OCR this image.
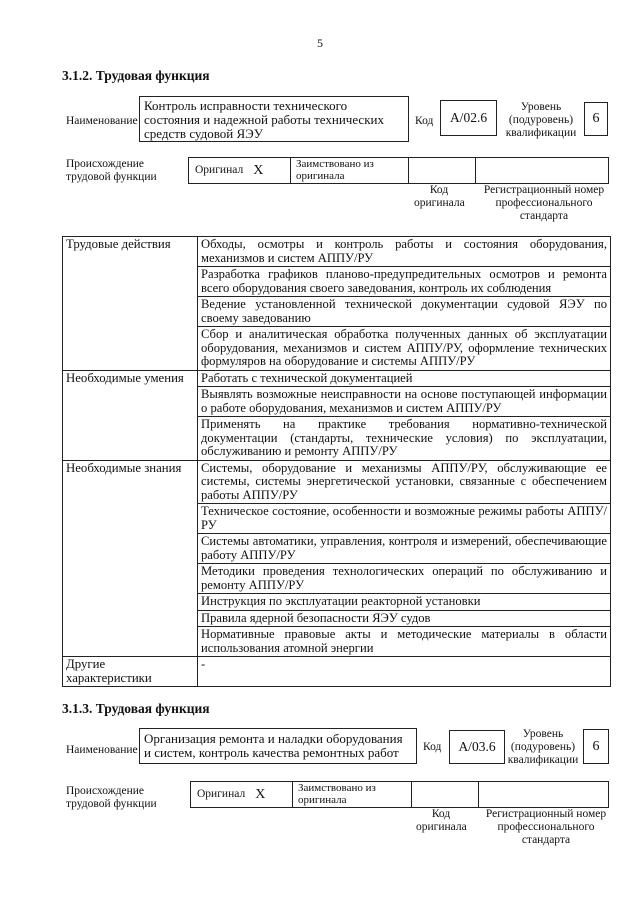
5
3.1.2. Трудовая функция
Наименование
Контроль исправности технического состояния и надежной работы технических средств судовой ЯЭУ
Код	А/02.6
Уровень (подуровень) квалификации
6
Происхождение трудовой функции
Оригинал X	Заимствовано из оригинала
Код оригинала
Регистрационный номер профессионального стандарта
Трудовые действия	Обходы, осмотры и контроль работы и состояния оборудования, механизмов и систем АППУ/РУ
	Разработка графиков планово-предупредительных осмотров и ремонта всего оборудования своего заведования, контроль их соблюдения
	Ведение установленной технической документации судовой ЯЭУ по своему заведованию
	Сбор и аналитическая обработка полученных данных об эксплуатации оборудования, механизмов и систем АППУ/РУ, оформление технических формуляров на оборудование и системы АППУ/РУ
Необходимые умения	Работать с технической документацией
	Выявлять возможные неисправности на основе поступающей информации о работе оборудования, механизмов и систем АППУ/РУ
	Применять на практике требования нормативно-технической документации (стандарты, технические условия) по эксплуатации, обслуживанию и ремонту АППУ/РУ
Необходимые знания	Системы, оборудование и механизмы АППУ/РУ, обслуживающие ее системы, системы энергетической установки, связанные с обеспечением работы АППУ/РУ
	Техническое состояние, особенности и возможные режимы работы АППУ/РУ
	Системы автоматики, управления, контроля и измерений, обеспечивающие работу АППУ/РУ
	Методики проведения технологических операций по обслуживанию и ремонту АППУ/РУ
	Инструкция по эксплуатации реакторной установки
	Правила ядерной безопасности ЯЭУ судов
	Нормативные правовые акты и методические материалы в области использования атомной энергии
Другие характеристики	-
3.1.3. Трудовая функция
Наименование
Организация ремонта и наладки оборудования и систем, контроль качества ремонтных работ	Код	А/03.6
Уровень (подуровень) квалификации
6
Происхождение трудовой функции
Оригинал X	Заимствовано из оригинала
Код оригинала
Регистрационный номер профессионального стандарта
